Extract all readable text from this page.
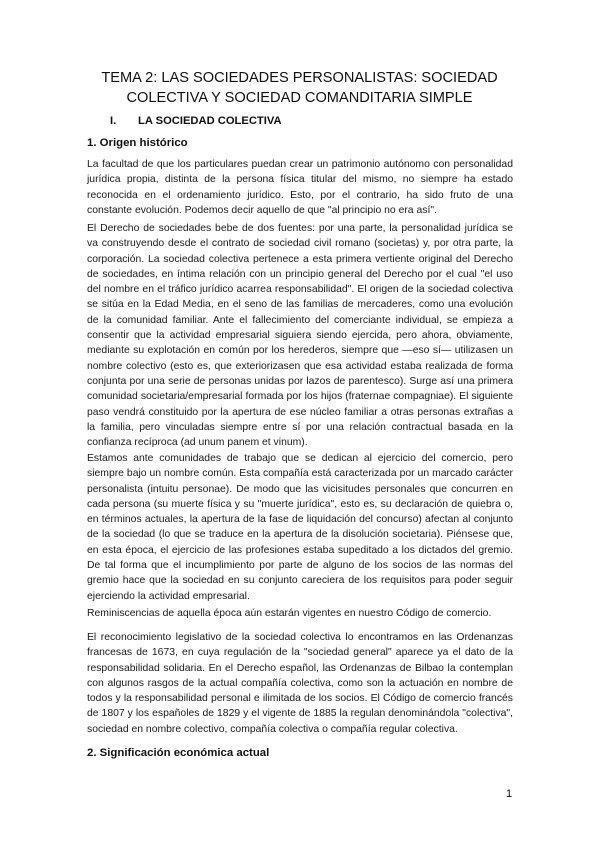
TEMA 2: LAS SOCIEDADES PERSONALISTAS: SOCIEDAD COLECTIVA Y SOCIEDAD COMANDITARIA SIMPLE
I. LA SOCIEDAD COLECTIVA
1. Origen histórico

La facultad de que los particulares puedan crear un patrimonio autónomo con personalidad jurídica propia, distinta de la persona física titular del mismo, no siempre ha estado reconocida en el ordenamiento jurídico. Esto, por el contrario, ha sido fruto de una constante evolución. Podemos decir aquello de que "al principio no era así".

El Derecho de sociedades bebe de dos fuentes: por una parte, la personalidad jurídica se va construyendo desde el contrato de sociedad civil romano (societas) y, por otra parte, la corporación. La sociedad colectiva pertenece a esta primera vertiente original del Derecho de sociedades, en íntima relación con un principio general del Derecho por el cual "el uso del nombre en el tráfico jurídico acarrea responsabilidad". El origen de la sociedad colectiva se sitúa en la Edad Media, en el seno de las familias de mercaderes, como una evolución de la comunidad familiar. Ante el fallecimiento del comerciante individual, se empieza a consentir que la actividad empresarial siguiera siendo ejercida, pero ahora, obviamente, mediante su explotación en común por los herederos, siempre que —eso sí— utilizasen un nombre colectivo (esto es, que exteriorizasen que esa actividad estaba realizada de forma conjunta por una serie de personas unidas por lazos de parentesco). Surge así una primera comunidad societaria/empresarial formada por los hijos (fraternae compagniae). El siguiente paso vendrá constituido por la apertura de ese núcleo familiar a otras personas extrañas a la familia, pero vinculadas siempre entre sí por una relación contractual basada en la confianza recíproca (ad unum panem et vinum).

Estamos ante comunidades de trabajo que se dedican al ejercicio del comercio, pero siempre bajo un nombre común. Esta compañía está caracterizada por un marcado carácter personalista (intuitu personae). De modo que las vicisitudes personales que concurren en cada persona (su muerte física y su "muerte jurídica", esto es, su declaración de quiebra o, en términos actuales, la apertura de la fase de liquidación del concurso) afectan al conjunto de la sociedad (lo que se traduce en la apertura de la disolución societaria). Piénsese que, en esta época, el ejercicio de las profesiones estaba supeditado a los dictados del gremio. De tal forma que el incumplimiento por parte de alguno de los socios de las normas del gremio hace que la sociedad en su conjunto careciera de los requisitos para poder seguir ejerciendo la actividad empresarial.

Reminiscencias de aquella época aún estarán vigentes en nuestro Código de comercio.

El reconocimiento legislativo de la sociedad colectiva lo encontramos en las Ordenanzas francesas de 1673, en cuya regulación de la "sociedad general" aparece ya el dato de la responsabilidad solidaria. En el Derecho español, las Ordenanzas de Bilbao la contemplan con algunos rasgos de la actual compañía colectiva, como son la actuación en nombre de todos y la responsabilidad personal e ilimitada de los socios. El Código de comercio francés de 1807 y los españoles de 1829 y el vigente de 1885 la regulan denominándola "colectiva", sociedad en nombre colectivo, compañía colectiva o compañía regular colectiva.

2. Significación económica actual
1
